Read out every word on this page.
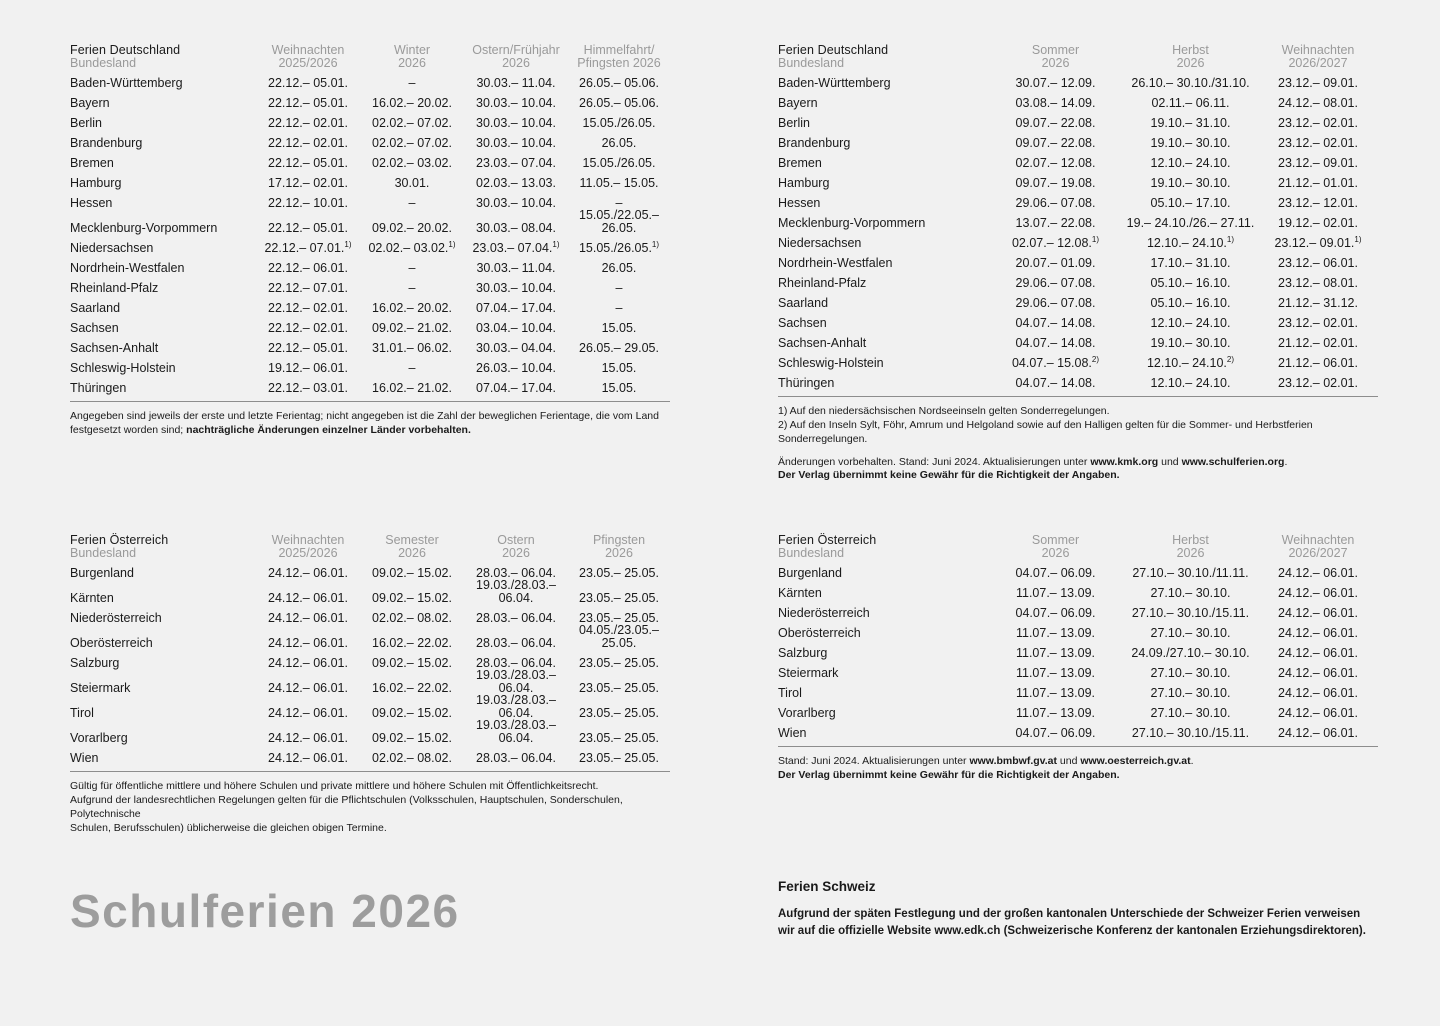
Ferien Deutschland	Weihnachten	Winter	Ostern/Frühjahr	Himmelfahrt/
Bundesland	2025/2026	2026	2026	Pfingsten 2026
Baden-Württemberg	22.12.– 05.01.	–	30.03.– 11.04.	26.05.– 05.06.
Bayern	22.12.– 05.01.	16.02.– 20.02.	30.03.– 10.04.	26.05.– 05.06.
Berlin	22.12.– 02.01.	02.02.– 07.02.	30.03.– 10.04.	15.05./26.05.
Brandenburg	22.12.– 02.01.	02.02.– 07.02.	30.03.– 10.04.	26.05.
Bremen	22.12.– 05.01.	02.02.– 03.02.	23.03.– 07.04.	15.05./26.05.
Hamburg	17.12.– 02.01.	30.01.	02.03.– 13.03.	11.05.– 15.05.
Hessen	22.12.– 10.01.	–	30.03.– 10.04.	–
Mecklenburg-Vorpommern	22.12.– 05.01.	09.02.– 20.02.	30.03.– 08.04.	15.05./22.05.– 26.05.
Niedersachsen	22.12.– 07.01.$^{1)}$	02.02.– 03.02.$^{1)}$	23.03.– 07.04.$^{1)}$	15.05./26.05.$^{1)}$
Nordrhein-Westfalen	22.12.– 06.01.	–	30.03.– 11.04.	26.05.
Rheinland-Pfalz	22.12.– 07.01.	–	30.03.– 10.04.	–
Saarland	22.12.– 02.01.	16.02.– 20.02.	07.04.– 17.04.	–
Sachsen	22.12.– 02.01.	09.02.– 21.02.	03.04.– 10.04.	15.05.
Sachsen-Anhalt	22.12.– 05.01.	31.01.– 06.02.	30.03.– 04.04.	26.05.– 29.05.
Schleswig-Holstein	19.12.– 06.01.	–	26.03.– 10.04.	15.05.
Thüringen	22.12.– 03.01.	16.02.– 21.02.	07.04.– 17.04.	15.05.
Angegeben sind jeweils der erste und letzte Ferientag; nicht angegeben ist die Zahl der beweglichen Ferientage, die vom Land festgesetzt worden sind; nachträgliche Änderungen einzelner Länder vorbehalten.
Ferien Österreich	Weihnachten	Semester	Ostern	Pfingsten
Bundesland	2025/2026	2026	2026	2026
Burgenland	24.12.– 06.01.	09.02.– 15.02.	28.03.– 06.04.	23.05.– 25.05.
Kärnten	24.12.– 06.01.	09.02.– 15.02.	19.03./28.03.– 06.04.	23.05.– 25.05.
Niederösterreich	24.12.– 06.01.	02.02.– 08.02.	28.03.– 06.04.	23.05.– 25.05.
Oberösterreich	24.12.– 06.01.	16.02.– 22.02.	28.03.– 06.04.	04.05./23.05.– 25.05.
Salzburg	24.12.– 06.01.	09.02.– 15.02.	28.03.– 06.04.	23.05.– 25.05.
Steiermark	24.12.– 06.01.	16.02.– 22.02.	19.03./28.03.– 06.04.	23.05.– 25.05.
Tirol	24.12.– 06.01.	09.02.– 15.02.	19.03./28.03.– 06.04.	23.05.– 25.05.
Vorarlberg	24.12.– 06.01.	09.02.– 15.02.	19.03./28.03.– 06.04.	23.05.– 25.05.
Wien	24.12.– 06.01.	02.02.– 08.02.	28.03.– 06.04.	23.05.– 25.05.
Gültig für öffentliche mittlere und höhere Schulen und private mittlere und höhere Schulen mit Öffentlichkeitsrecht.
Aufgrund der landesrechtlichen Regelungen gelten für die Pflichtschulen (Volksschulen, Hauptschulen, Sonderschulen, Polytechnische
Schulen, Berufsschulen) üblicherweise die gleichen obigen Termine.
Schulferien 2026
Ferien Deutschland	Sommer	Herbst	Weihnachten
Bundesland	2026	2026	2026/2027
Baden-Württemberg	30.07.– 12.09.	26.10.– 30.10./31.10.	23.12.– 09.01.
Bayern	03.08.– 14.09.	02.11.– 06.11.	24.12.– 08.01.
Berlin	09.07.– 22.08.	19.10.– 31.10.	23.12.– 02.01.
Brandenburg	09.07.– 22.08.	19.10.– 30.10.	23.12.– 02.01.
Bremen	02.07.– 12.08.	12.10.– 24.10.	23.12.– 09.01.
Hamburg	09.07.– 19.08.	19.10.– 30.10.	21.12.– 01.01.
Hessen	29.06.– 07.08.	05.10.– 17.10.	23.12.– 12.01.
Mecklenburg-Vorpommern	13.07.– 22.08.	19.– 24.10./26.– 27.11.	19.12.– 02.01.
Niedersachsen	02.07.– 12.08.$^{1)}$	12.10.– 24.10.$^{1)}$	23.12.– 09.01.$^{1)}$
Nordrhein-Westfalen	20.07.– 01.09.	17.10.– 31.10.	23.12.– 06.01.
Rheinland-Pfalz	29.06.– 07.08.	05.10.– 16.10.	23.12.– 08.01.
Saarland	29.06.– 07.08.	05.10.– 16.10.	21.12.– 31.12.
Sachsen	04.07.– 14.08.	12.10.– 24.10.	23.12.– 02.01.
Sachsen-Anhalt	04.07.– 14.08.	19.10.– 30.10.	21.12.– 02.01.
Schleswig-Holstein	04.07.– 15.08.$^{2)}$	12.10.– 24.10.$^{2)}$	21.12.– 06.01.
Thüringen	04.07.– 14.08.	12.10.– 24.10.	23.12.– 02.01.
1) Auf den niedersächsischen Nordseeinseln gelten Sonderregelungen.
2) Auf den Inseln Sylt, Föhr, Amrum und Helgoland sowie auf den Halligen gelten für die Sommer- und Herbstferien Sonderregelungen.
Änderungen vorbehalten. Stand: Juni 2024. Aktualisierungen unter www.kmk.org und www.schulferien.org.
Der Verlag übernimmt keine Gewähr für die Richtigkeit der Angaben.
Ferien Österreich	Sommer	Herbst	Weihnachten
Bundesland	2026	2026	2026/2027
Burgenland	04.07.– 06.09.	27.10.– 30.10./11.11.	24.12.– 06.01.
Kärnten	11.07.– 13.09.	27.10.– 30.10.	24.12.– 06.01.
Niederösterreich	04.07.– 06.09.	27.10.– 30.10./15.11.	24.12.– 06.01.
Oberösterreich	11.07.– 13.09.	27.10.– 30.10.	24.12.– 06.01.
Salzburg	11.07.– 13.09.	24.09./27.10.– 30.10.	24.12.– 06.01.
Steiermark	11.07.– 13.09.	27.10.– 30.10.	24.12.– 06.01.
Tirol	11.07.– 13.09.	27.10.– 30.10.	24.12.– 06.01.
Vorarlberg	11.07.– 13.09.	27.10.– 30.10.	24.12.– 06.01.
Wien	04.07.– 06.09.	27.10.– 30.10./15.11.	24.12.– 06.01.
Stand: Juni 2024. Aktualisierungen unter www.bmbwf.gv.at und www.oesterreich.gv.at.
Der Verlag übernimmt keine Gewähr für die Richtigkeit der Angaben.
Ferien Schweiz
Aufgrund der späten Festlegung und der großen kantonalen Unterschiede der Schweizer Ferien verweisen wir auf die offizielle Website www.edk.ch (Schweizerische Konferenz der kantonalen Erziehungsdirektoren).
